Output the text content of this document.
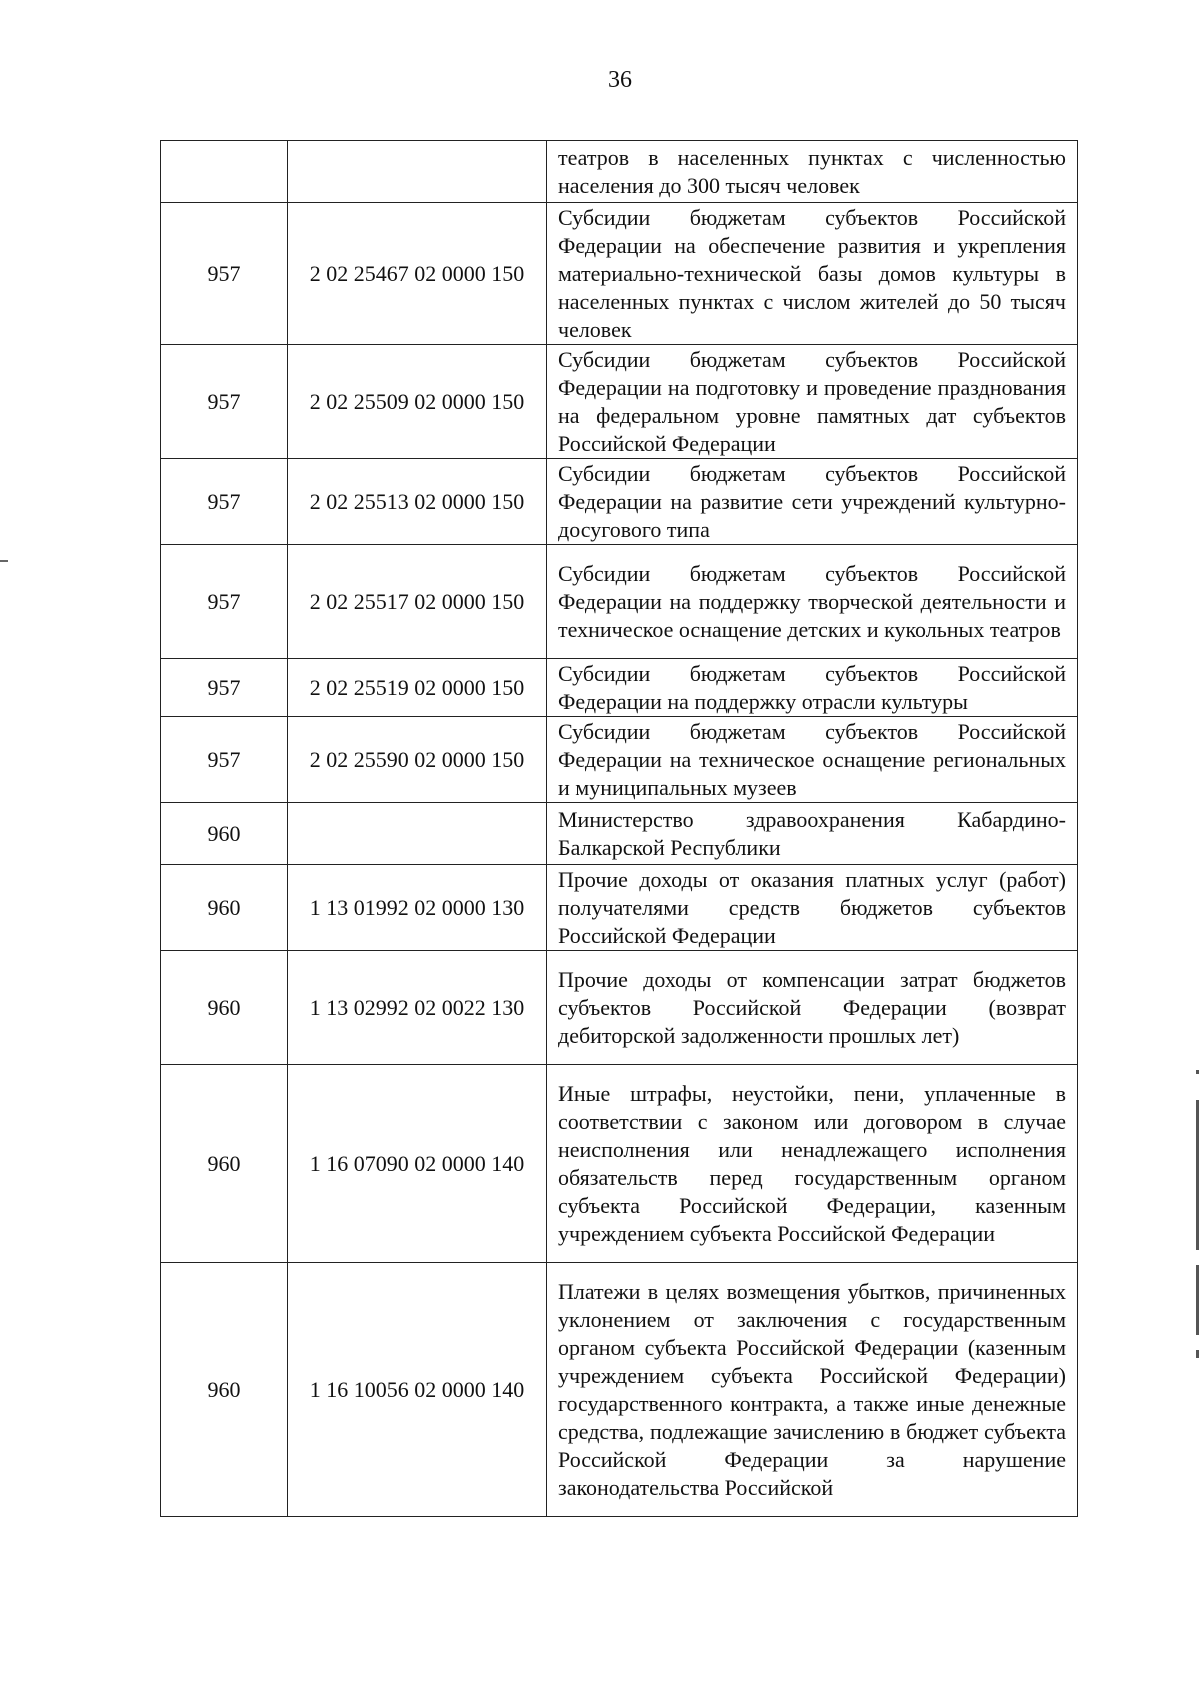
36

		театров в населенных пунктах с численностью населения до 300 тысяч человек

957	2 02 25467 02 0000 150	Субсидии бюджетам субъектов Российской Федерации на обеспечение развития и укрепления материально-технической базы домов культуры в населенных пунктах с числом жителей до 50 тысяч человек

957	2 02 25509 02 0000 150	Субсидии бюджетам субъектов Российской Федерации на подготовку и проведение празднования на федеральном уровне памятных дат субъектов Российской Федерации

957	2 02 25513 02 0000 150	Субсидии бюджетам субъектов Российской Федерации на развитие сети учреждений культурно-досугового типа

957	2 02 25517 02 0000 150	Субсидии бюджетам субъектов Российской Федерации на поддержку творческой деятельности и техническое оснащение детских и кукольных театров

957	2 02 25519 02 0000 150	Субсидии бюджетам субъектов Российской Федерации на поддержку отрасли культуры

957	2 02 25590 02 0000 150	Субсидии бюджетам субъектов Российской Федерации на техническое оснащение региональных и муниципальных музеев

960		Министерство здравоохранения Кабардино-Балкарской Республики

960	1 13 01992 02 0000 130	Прочие доходы от оказания платных услуг (работ) получателями средств бюджетов субъектов Российской Федерации

960	1 13 02992 02 0022 130	Прочие доходы от компенсации затрат бюджетов субъектов Российской Федерации (возврат дебиторской задолженности прошлых лет)

960	1 16 07090 02 0000 140	Иные штрафы, неустойки, пени, уплаченные в соответствии с законом или договором в случае неисполнения или ненадлежащего исполнения обязательств перед государственным органом субъекта Российской Федерации, казенным учреждением субъекта Российской Федерации

960	1 16 10056 02 0000 140	Платежи в целях возмещения убытков, причиненных уклонением от заключения с государственным органом субъекта Российской Федерации (казенным учреждением субъекта Российской Федерации) государственного контракта, а также иные денежные средства, подлежащие зачислению в бюджет субъекта Российской Федерации за нарушение законодательства Российской
